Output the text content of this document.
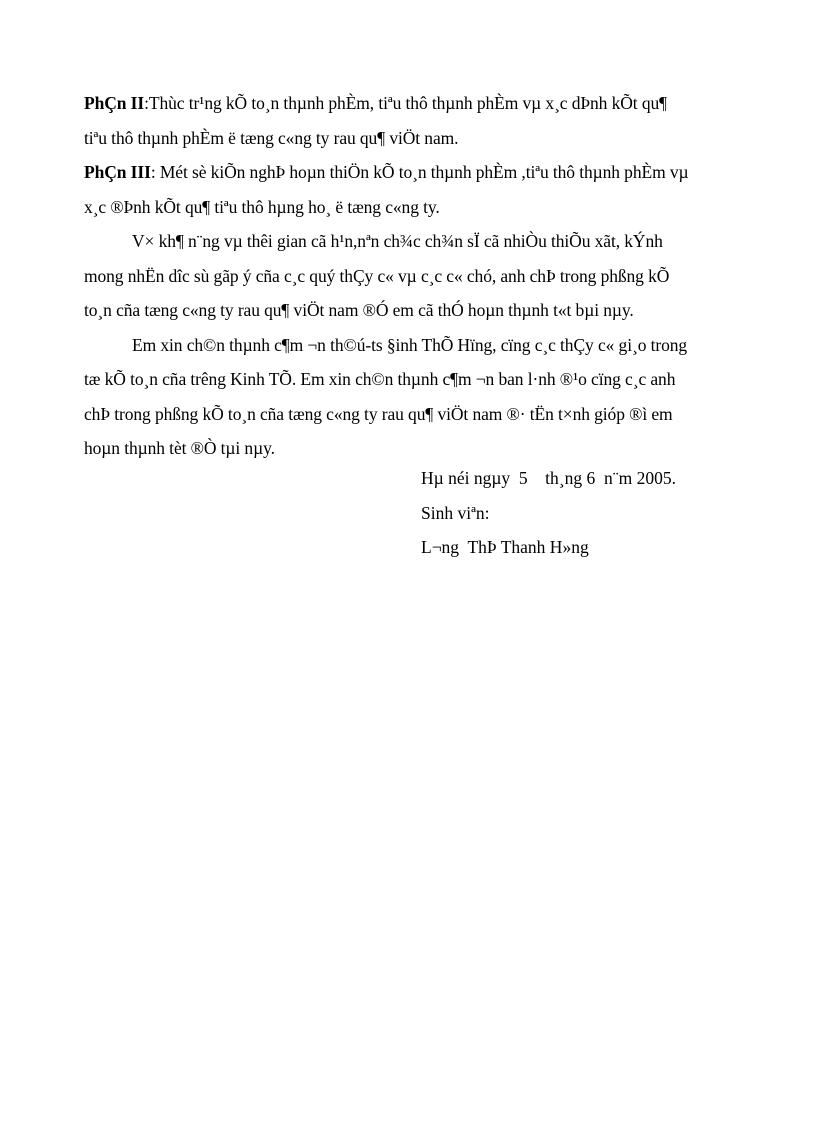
PhÇn II:Thùc tr¹ng kÕ to¸n thµnh phÈm, tiªu thô thµnh phÈm vµ x¸c dÞnh kÕt qu¶
tiªu thô thµnh phÈm ë tæng c«ng ty rau qu¶ viÖt nam.
PhÇn III: Mét sè kiÕn nghÞ hoµn thiÖn kÕ to¸n thµnh phÈm ,tiªu thô thµnh phÈm vµ
x¸c ®Þnh kÕt qu¶ tiªu thô hµng ho¸ ë tæng c«ng ty.
V× kh¶ n¨ng vµ thêi gian cã h¹n,nªn ch¾c ch¾n sÏ cã nhiÒu thiÕu xãt, kÝnh
mong nhËn dîc sù gãp ý cña c¸c quý thÇy c« vµ c¸c c« chó, anh chÞ trong phßng kÕ
to¸n cña tæng c«ng ty rau qu¶ viÖt nam ®Ó em cã thÓ hoµn thµnh t«t bµi nµy.
Em xin ch©n thµnh c¶m ¬n th©ú-ts §inh ThÕ Hïng, cïng c¸c thÇy c« gi¸o trong
tæ kÕ to¸n cña trêng Kinh TÕ. Em xin ch©n thµnh c¶m ¬n ban l·nh ®¹o cïng c¸c anh
chÞ trong phßng kÕ to¸n cña tæng c«ng ty rau qu¶ viÖt nam ®· tËn t×nh gióp ®ì em
hoµn thµnh tèt ®Ò tµi nµy.
Hµ néi ngµy  5    th¸ng 6  n¨m 2005.
Sinh viªn:
L¬ng  ThÞ Thanh H»ng
